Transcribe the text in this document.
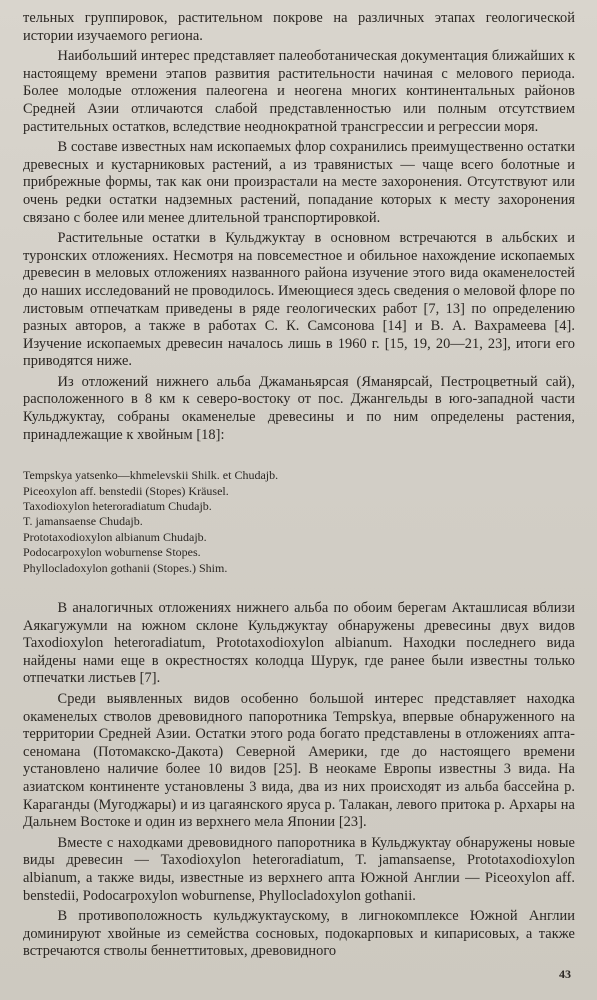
тельных группировок, растительном покрове на различных этапах геологической истории изучаемого региона.

Наибольший интерес представляет палеоботаническая документация ближайших к настоящему времени этапов развития растительности начиная с мелового периода. Более молодые отложения палеогена и неогена многих континентальных районов Средней Азии отличаются слабой представленностью или полным отсутствием растительных остатков, вследствие неоднократной трансгрессии и регрессии моря.

В составе известных нам ископаемых флор сохранились преимущественно остатки древесных и кустарниковых растений, а из травянистых — чаще всего болотные и прибрежные формы, так как они произрастали на месте захоронения. Отсутствуют или очень редки остатки надземных растений, попадание которых к месту захоронения связано с более или менее длительной транспортировкой.

Растительные остатки в Кульджуктау в основном встречаются в альбских и туронских отложениях. Несмотря на повсеместное и обильное нахождение ископаемых древесин в меловых отложениях названного района изучение этого вида окаменелостей до наших исследований не проводилось. Имеющиеся здесь сведения о меловой флоре по листовым отпечаткам приведены в ряде геологических работ [7, 13] по определению разных авторов, а также в работах С. К. Самсонова [14] и В. А. Вахрамеева [4]. Изучение ископаемых древесин началось лишь в 1960 г. [15, 19, 20—21, 23], итоги его приводятся ниже.

Из отложений нижнего альба Джаманьярсая (Яманярсай, Пестроцветный сай), расположенного в 8 км к северо-востоку от пос. Джангельды в юго-западной части Кульджуктау, собраны окаменелые древесины и по ним определены растения, принадлежащие к хвойным [18]:

Tempskya yatsenko—khmelevskii Shilk. et Chudajb.
Piceoxylon aff. benstedii (Stopes) Kräusel.
Taxodioxylon heteroradiatum Chudajb.
T. jamansaense Chudajb.
Prototaxodioxylon albianum Chudajb.
Podocarpoxylon woburnense Stopes.
Phyllocladoxylon gothanii (Stopes.) Shim.

В аналогичных отложениях нижнего альба по обоим берегам Акташлисая вблизи Аякагужумли на южном склоне Кульджуктау обнаружены древесины двух видов Taxodioxylon heteroradiatum, Prototaxodioxylon albianum. Находки последнего вида найдены нами еще в окрестностях колодца Шурук, где ранее были известны только отпечатки листьев [7].

Среди выявленных видов особенно большой интерес представляет находка окаменелых стволов древовидного папоротника Tempskya, впервые обнаруженного на территории Средней Азии. Остатки этого рода богато представлены в отложениях апта-сеномана (Потомакско-Дакота) Северной Америки, где до настоящего времени установлено наличие более 10 видов [25]. В неокаме Европы известны 3 вида. На азиатском континенте установлены 3 вида, два из них происходят из альба бассейна р. Караганды (Мугоджары) и из цагаянского яруса р. Талакан, левого притока р. Архары на Дальнем Востоке и один из верхнего мела Японии [23].

Вместе с находками древовидного папоротника в Кульджуктау обнаружены новые виды древесин — Taxodioxylon heteroradiatum, T. jamansaense, Prototaxodioxylon albianum, а также виды, известные из верхнего апта Южной Англии — Piceoxylon aff. benstedii, Podocarpoxylon woburnense, Phyllocladoxylon gothanii.

В противоположность кульджуктаускому, в лигнокомплексе Южной Англии доминируют хвойные из семейства сосновых, подокарповых и кипарисовых, а также встречаются стволы беннеттитовых, древовидного

43
